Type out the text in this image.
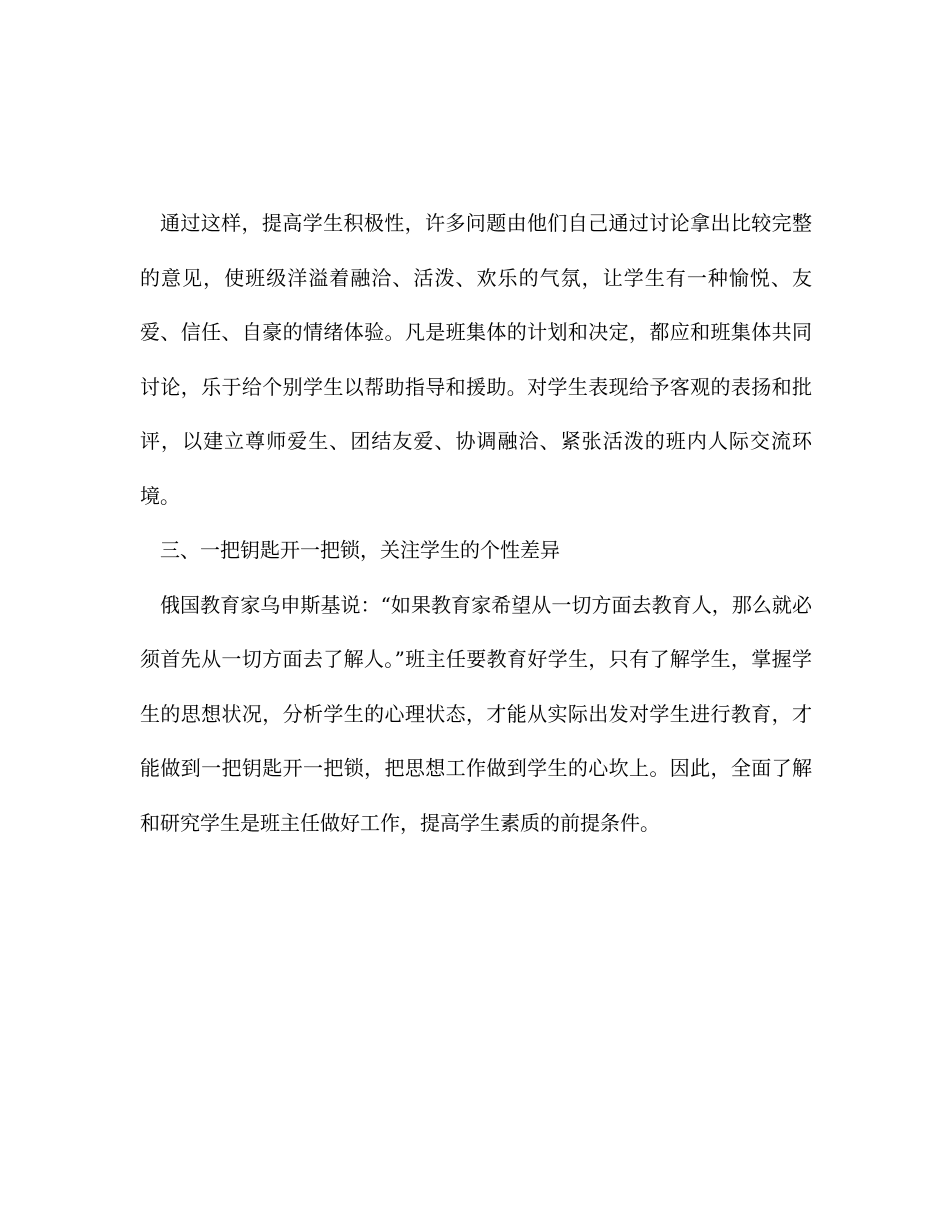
通过这样，提高学生积极性，许多问题由他们自己通过讨论拿出比较完整的意见，使班级洋溢着融洽、活泼、欢乐的气氛，让学生有一种愉悦、友爱、信任、自豪的情绪体验。凡是班集体的计划和决定，都应和班集体共同讨论，乐于给个别学生以帮助指导和援助。对学生表现给予客观的表扬和批评，以建立尊师爱生、团结友爱、协调融洽、紧张活泼的班内人际交流环境。

三、一把钥匙开一把锁，关注学生的个性差异

俄国教育家乌申斯基说：“如果教育家希望从一切方面去教育人，那么就必须首先从一切方面去了解人。”班主任要教育好学生，只有了解学生，掌握学生的思想状况，分析学生的心理状态，才能从实际出发对学生进行教育，才能做到一把钥匙开一把锁，把思想工作做到学生的心坎上。因此，全面了解和研究学生是班主任做好工作，提高学生素质的前提条件。
